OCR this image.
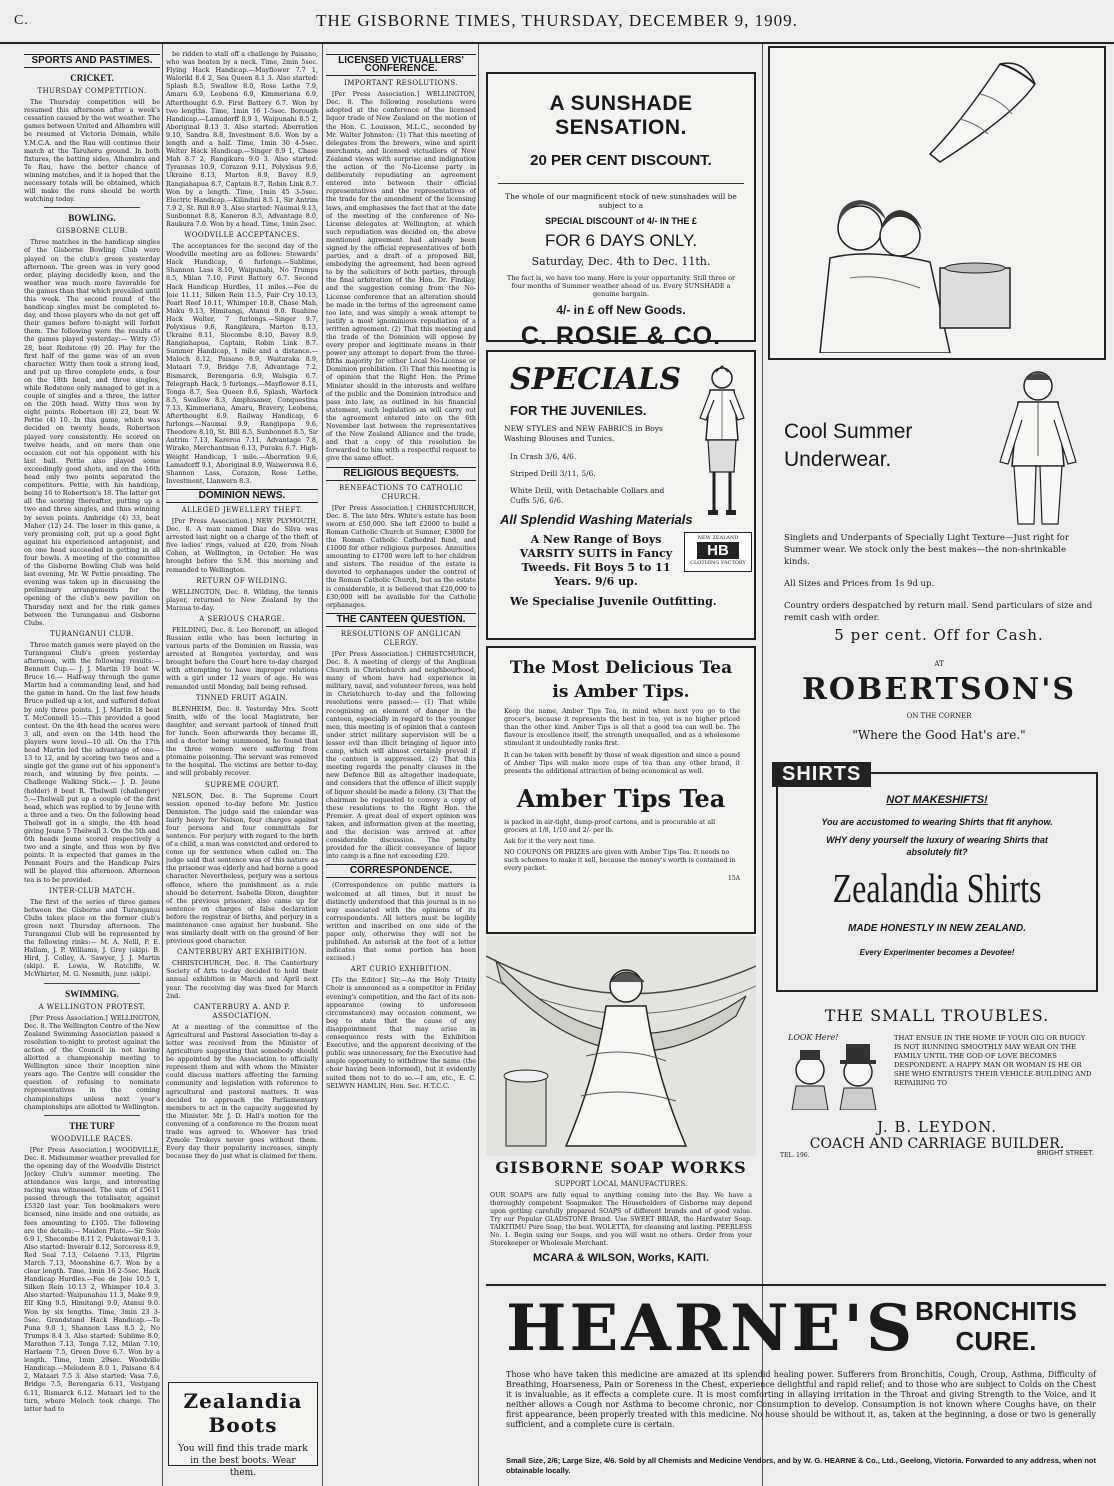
C.	THE GISBORNE TIMES, THURSDAY, DECEMBER 9, 1909.
SPORTS AND PASTIMES.
CRICKET.
THURSDAY COMPETITION.

The Thursday competition will be resumed this afternoon after a week's cessation caused by the wet weather. The games between United and Alhambra will be resumed at Victoria Domain, while Y.M.C.A. and the Rau will continue their match at the Taruheru ground. In both fixtures, the batting sides, Alhambra and Te Rau, have the better chance of winning matches, and it is hoped that the necessary totals will be obtained, which will make the runs should be worth watching today.

BOWLING.
GISBORNE CLUB.

Three matches in the handicap singles of the Gisborne Bowling Club were played on the club's green yesterday afternoon. The green was in very good order, playing decidedly keen, and the weather was much more favorable for the games than that which prevailed until this week. The second round of the handicap singles must be completed to-day, and those players who do not get off their games before to-night will forfeit them. The following were the results of the games played yesterday:— Witty (5) 28, beat Redstone (9) 20. Play for the first half of the game was of an even character. Witty then took a strong lead, and put up three complete ends, a four on the 18th head, and three singles, while Redstone only managed to get in a couple of singles and a three, the latter on the 20th head. Witty thus won by eight points. Robertson (8) 23, beat W. Pettie (4) 10. In this game, which was decided on twenty heads, Robertson played very consistently. He scored on twelve heads, and on more than one occasion cut out his opponent with his last ball. Pettie also played some exceedingly good shots, and on the 16th head only two points separated the competitors. Pettie, with his handicap, being 16 to Robertson's 18. The latter got all the scoring thereafter, putting up a two and three singles, and thus winning by seven points. Ambridge (4) 33, beat Maher (12) 24. The loser in this game, a very promising colt, put up a good fight against his experienced antagonist, and on one head succeeded in getting in all four bowls. A meeting of the committee of the Gisborne Bowling Club was held last evening, Mr. W. Pettie presiding. The evening was taken up in discussing the preliminary arrangements for the opening of the club's new pavilion on Thursday next and for the rink games between the Turanganui and Gisborne Clubs.

TURANGANUI CLUB.

Three match games were played on the Turanganui Club's green yesterday afternoon, with the following results:— Bennett Cup.— J. J. Martin 19 beat W. Bruce 16.— Half-way through the game Martin had a commanding lead, and had the game in hand. On the last few heads Bruce pulled up a lot, and suffered defeat by only three points. J. J. Martin 18 beat T. McConnell 15.—This provided a good contest. On the 4th head the scores were 3 all, and even on the 14th head the players were level—10 all. On the 17th head Martin led the advantage of one—13 to 12, and by scoring two twos and a single got the game out of his opponent's reach, and winning by five points. —Challenge Walking Stick.— J. D. Jeune (holder) 8 beat R. Thelwall (challenger) 5.—Thelwall put up a couple of the first head, which was replied to by Jeune with a three and a two. On the following head Thelwall got in a single, the 4th head giving Jeune 5 Thelwall 3. On the 5th and 6th heads Jeune scored respectively a two and a single, and thus won by five points. It is expected that games in the Pennant Fours and the Handicap Pairs will be played this afternoon. Afternoon tea is to be provided.

INTER-CLUB MATCH.

The first of the series of three games between the Gisborne and Turanganui Clubs takes place on the former club's green next Thursday afternoon. The Turanganui Club will be represented by the following rinks:— M. A. Nelll, P. E. Hallam, J. P. Williams, J. Grey (skip). B. Hird, J. Colley, A. Sawyer, J. J. Martin (skip). E. Lewis, W. Ratcliffe, W. McWhirter, M. G. Nesmith, junr. (skip).

SWIMMING.
A WELLINGTON PROTEST.

[Per Press Association.] WELLINGTON, Dec. 8. The Wellington Centre of the New Zealand Swimming Association passed a resolution to-night to protest against the action of the Council in not having allotted a championship meeting to Wellington since their inception nine years ago. The Centre will consider the question of refusing to nominate representatives in the coming championships unless next year's championships are allotted to Wellington.

THE TURF
WOODVILLE RACES.

[Per Press Association.] WOODVILLE, Dec. 8. Midsummer weather prevailed for the opening day of the Woodville District Jockey Club's summer meeting. The attendance was large, and interesting racing was witnessed. The sum of £5611 passed through the totalisator, against £5320 last year. Ten bookmakers were licensed, nine inside and one outside, as fees amounting to £105. The following are the details:— Maiden Plate.—Sir Solo 6.9 1, Shecombe 8.11 2, Puketawai 9.1 3. Also started: Inverair 8.12, Sorceress 8.9, Red Seal 7.13, Celaeno 7.13, Pilgrim March 7.13, Moonshine 6.7. Won by a clear length. Time, 1min 16 2-5sec. Hack Handicap Hurdles.—Fee de Joie 10.5 1, Silken Rein 10.13 2, Whimper 10.4 3. Also started: Waipunahau 11.3, Make 9.9, Elf King 9.5, Himitangi 9.0, Atanui 9.0. Won by six lengths. Time, 3min 23 3-5sec. Grandstand Hack Handicap.—Te Puna 9.0 1, Shannon Lass 8.5 2, No Trumps 8.4 3. Also started: Sublime 8.0, Marathon 7.13, Tonga 7.12, Milan 7.10, Harlaem 7.5, Green Dove 6.7. Won by a length. Time, 1min 29sec. Woodville Handicap.—Melodeon 8.0 1, Paisano 8.4 2, Mataari 7.5 3. Also started: Vasa 7.6, Bridge 7.5, Berengaria 6.11, Vestgang 6.11, Bismarck 6.12. Mataari led to the turn, where Meloch took charge. The latter had to

be ridden to stall off a challenge by Paisano, who was beaten by a neck. Time, 2min 5sec. Flying Hack Handicap.—Mayflower 7.7 1, Walorikl 8.4 2, Sea Queen 8.1 3. Also started: Splash 8.5, Swallow 8.0, Rose Lethe 7.9, Amaru 6.9, Leobena 6.9, Kimmeriana 6.9, Afterthought 6.9. First Battery 6.7. Won by two lengths. Time, 1min 16 1-5sec. Borough Handicap.—Lamadorff 8.9 1, Waipunahi 8.5 2, Aboriginal 8.13 3. Also started: Aberration 9.10, Sandra 8.8, Investment 8.6. Won by a length and a half. Time, 1min 30 4-5sec. Welter Hack Handicap.—Singer 8.9 1, Chase Mah 8.7 2, Rangikura 9.0 3. Also started: Tyrannas 10.9, Corazon 9.11, Polyxisus 9.6, Ukraine 8.13, Marton 8.9, Bavey 8.9, Rangiahapua 8.7, Captain 8.7, Robin Link 8.7. Won by a length. Time, 1min 45 3-5sec. Electric Handicap.—Kilindini 8.5 1, Sir Antrim 7.9 2, St. Bill 8.9 3. Also started: Naumai 9.13, Sunbonnet 8.8, Kaneron 8.5, Advantage 8.0, Raukura 7.0. Won by a head. Time, 1min 2sec.

WOODVILLE ACCEPTANCES.

The acceptances for the second day of the Woodville meeting are as follows: Stewards' Hack Handicap, 6 furlongs.—Sublime, Shannon Lass 8.10, Waipunahi, No Trumps 8.5, Milan 7.10, First Battery 6.7. Second Hack Handicap Hurdles, 11 miles.—Fee de Joie 11.11, Silken Rein 11.5, Fair Cry 10.13, Pearl Reef 10.11, Whimper 10.8, Chase Mah, Maku 9.13, Himitangi, Atanui 9.0. Ruahine Hack Welter, 7 furlongs.—Singer 9.7, Polyxisus 9.6, Rangikura, Marton 8.13, Ukraine 8.11, Slocombe 8.10, Bavey 8.9, Rangiahapua, Captain, Robin Link 8.7. Summer Handicap, 1 mile and a distance.—Maloch 8.12, Paisano 8.9, Waitaraka 8.9, Mataari 7.9, Bridge 7.8, Advantage 7.2, Bismarck, Berengaria 6.9, Walsgia 6.7. Telegraph Hack, 5 furlongs.—Mayflower 8.11, Tonga 8.7, Sea Queen 8.6, Splash, Warlock 8.5, Swallow 8.3, Amphisaner, Conquestina 7.13, Kimmeriana, Amaru, Bravery, Leobena, Afterthought 6.9. Railway Handicap, 6 furlongs.—Naumai 9.9, Rangipapa 9.6, Theodore 8.10, St. Bill 8.5, Sunbonnet 8.5, Sir Antrim 7.13, Kareroa 7.11, Advantage 7.8, Wirako, Merchantman 6.13, Puraku 6.7. High-Weight Handicap, 1 mile.—Aberration 9.6, Lamadorff 9.1, Aboriginal 8.9, Waiweruwa 8.6, Shannon Lass, Corazon, Rose Lethe, Investment, Llanwern 8.3.

DOMINION NEWS.
ALLEGED JEWELLERY THEFT.

[Per Press Association.] NEW PLYMOUTH, Dec. 8. A man named Diaz de Silva was arrested last night on a charge of the theft of five ladies' rings, valued at £20, from Noah Cohen, at Wellington, in October. He was brought before the S.M. this morning and remanded to Wellington.

RETURN OF WILDING.

WELLINGTON, Dec. 8. Wilding, the tennis player, returned to New Zealand by the Maraua to-day.

A SERIOUS CHARGE.

FEILDING, Dec. 8. Leo Borenoff, an alleged Russian exile who has been lecturing in various parts of the Dominion on Russia, was arrested at Rongotea yesterday, and was brought before the Court here to-day charged with attempting to have improper relations with a girl under 12 years of age. He was remanded until Monday, bail being refused.

TINNED FRUIT AGAIN.

BLENHEIM, Dec. 8. Yesterday Mrs. Scott Smith, wife of the local Magistrate, her daughter, and servant partook of tinned fruit for lunch. Soon afterwards they became ill, and a doctor being summoned, he found that the three women were suffering from ptomaine poisoning. The servant was removed to the hospital. The victims are better to-day, and will probably recover.

SUPREME COURT.

NELSON, Dec. 8. The Supreme Court session opened to-day before Mr. Justice Denniston. The judge said the calendar was fairly heavy for Nelson, four charges against four persons and four committals for sentence. For perjury with regard to the birth of a child, a man was convicted and ordered to come up for sentence when called on. The judge said that sentence was of this nature as the prisoner was elderly and had borne a good character. Nevertheless, perjury was a serious offence, where the punishment as a rule should be deterrent. Isabella Dixon, daughter of the previous prisoner, also came up for sentence on charges of false declaration before the registrar of births, and perjury in a maintenance case against her husband. She was similarly dealt with on the ground of her previous good character.

CANTERBURY ART EXHIBITION.

CHRISTCHURCH, Dec. 8. The Canterbury Society of Arts to-day decided to hold their annual exhibition in March and April next year. The receiving day was fixed for March 2nd.

CANTERBURY A. AND P. ASSOCIATION.

At a meeting of the committee of the Agricultural and Pastoral Association to-day a letter was received from the Minister of Agriculture suggesting that somebody should be appointed by the Association to officially represent them and with whom the Minister could discuss matters affecting the farming community and legislation with reference to agricultural and pastoral matters. It was decided to approach the Parliamentary members to act in the capacity suggested by the Minister. Mr. J. D. Hall's motion for the convening of a conference re the frozen meat trade was agreed to. Whoever has tried Zymole Trokeys never goes without them. Every day their popularity increases, simply because they do just what is claimed for them.

Zealandia Boots
You will find this trade mark in the best boots. Wear them.
LICENSED VICTUALLERS' CONFERENCE.
IMPORTANT RESOLUTIONS.

[Per Press Association.] WELLINGTON, Dec. 8. The following resolutions were adopted at the conference of the licensed liquor trade of New Zealand on the motion of the Hon. C. Louisson, M.L.C., seconded by Mr. Walter Johnston: (1) That this meeting of delegates from the brewers, wine and spirit merchants, and licensed victuallers of New Zealand views with surprise and indignation the action of the No-License party in deliberately repudiating an agreement entered into between their official representatives and the representatives of the trade for the amendment of the licensing laws, and emphasises the fact that at the date of the meeting of the conference of No-License delegates at Wellington, at which such repudiation was decided on, the above mentioned agreement had already been signed by the official representatives of both parties, and a draft of a proposed Bill, embodying the agreement, had been agreed to by the solicitors of both parties, through the final arbitration of the Hon. Dr. Findlay, and the suggestion coming from the No-License conference that an alteration should be made in the terms of the agreement came too late, and was simply a weak attempt to justify a most ignominious repudiation of a written agreement. (2) That this meeting and the trade of the Dominion will oppose by every proper and legitimate means in their power any attempt to depart from the three-fifths majority for either Local No-License or Dominion prohibition. (3) That this meeting is of opinion that the Right Hon. the Prime Minister should in the interests and welfare of the public and the Dominion introduce and pass into law, as outlined in his financial statement, such legislation as will carry out the agreement entered into on the 6th November last between the representatives of the New Zealand Alliance and the trade, and that a copy of this resolution be forwarded to him with a respectful request to give the same effect.

RELIGIOUS BEQUESTS.
BENEFACTIONS TO CATHOLIC CHURCH.

[Per Press Association.] CHRISTCHURCH, Dec. 8. The late Mrs. White's estate has been sworn at £50,000. She left £2000 to build a Roman Catholic Church at Sumner, £3000 for the Roman Catholic Cathedral fund, and £1000 for other religious purposes. Annuities amounting to £1700 were left to her children and sisters. The residue of the estate is devoted to orphanages under the control of the Roman Catholic Church, but as the estate is considerable, it is believed that £20,000 to £30,000 will be available for the Catholic orphanages.

THE CANTEEN QUESTION.
RESOLUTIONS OF ANGLICAN CLERGY.

[Per Press Association.] CHRISTCHURCH, Dec. 8. A meeting of clergy of the Anglican Church in Christchurch and neighbourhood, many of whom have had experience in military, naval, and volunteer forces, was held in Christchurch to-day and the following resolutions were passed:— (1) That while recognising an element of danger in the canteen, especially in regard to the younger men, this meeting is of opinion that a canteen under strict military supervision will be a lesser evil than illicit bringing of liquor into camp, which will almost certainly prevail if the canteen is suppressed. (2) That this meeting regards the penalty clauses in the new Defence Bill as altogether inadequate, and considers that the offence of illicit supply of liquor should be made a felony. (3) That the chairman be requested to convey a copy of these resolutions to the Right Hon. the Premier. A great deal of expert opinion was taken, and information given at the meeting, and the decision was arrived at after considerable discussion. The penalty provided for the illicit conveyance of liquor into camp is a fine not exceeding £20.

CORRESPONDENCE.

(Correspondence on public matters is welcomed at all times, but it must be distinctly understood that this journal is in no way associated with the opinions of its correspondents. All letters must be legibly written and inscribed on one side of the paper only, otherwise they will not be published. An asterisk at the foot of a letter indicates that some portion has been excised.)

ART CURIO EXHIBITION.

[To the Editor.] Sir,—As the Holy Trinity Choir is announced as a competitor in Friday evening's competition, and the fact of its non-appearance (owing to unforeseen circumstances) may occasion comment, we beg to state that the cause of any disappointment that may arise in consequence rests with the Exhibition Executive, and the apparent deceiving of the public was unnecessary, for the Executive had ample opportunity to withdraw the name (the choir having been informed), but it evidently suited them not to do so.—I am, etc., E. C. SELWYN HAMLIN, Hon. Sec. H.T.C.C.

A SUNSHADE SENSATION.
20 PER CENT DISCOUNT.
The whole of our magnificent stock of new sunshades will be subject to a
SPECIAL DISCOUNT of 4/- IN THE £
FOR 6 DAYS ONLY.
Saturday, Dec. 4th to Dec. 11th.
The fact is, we have too many. Here is your opportunity. Still three or four months of Summer weather ahead of us. Every SUNSHADE a genuine bargain.
4/- in £ off New Goods.
C. ROSIE & CO.
SPECIALS
FOR THE JUVENILES.
NEW STYLES and NEW FABRICS in Boys Washing Blouses and Tunics.
In Crash 3/6, 4/6.
Striped Drill 3/11, 5/6.
White Drill, with Detachable Collars and Cuffs 5/6, 6/6.
All Splendid Washing Materials
A New Range of Boys VARSITY SUITS in Fancy Tweeds. Fit Boys 5 to 11 Years. 9/6 up.
We Specialise Juvenile Outfitting.
NEW ZEALAND
HB
CLOTHING FACTORY
The Most Delicious Tea
is Amber Tips.
Keep the name, Amber Tips Tea, in mind when next you go to the grocer's, because it represents the best in tea, yet is no higher priced than the other kind. Amber Tips is all that a good tea can well be. The flavour is excellence itself, the strength unequalled, and as a wholesome stimulant it undoubtedly ranks first.
It can be taken with benefit by those of weak digestion and since a pound of Amber Tips will make more cups of tea than any other brand, it presents the additional attraction of being economical as well.
Amber Tips Tea
is packed in air-tight, damp-proof cartons, and is procurable at all grocers at 1/8, 1/10 and 2/- per lb.
Ask for it the very next time.
NO COUPONS OR PRIZES are given with Amber Tips Tea. It needs no such schemes to make it sell, because the money's worth is contained in every packet.
15A
GISBORNE SOAP WORKS
SUPPORT LOCAL MANUFACTURES.
OUR SOAPS are fully equal to anything coming into the Bay. We have a thoroughly competent Soapmaker. The Householders of Gisborne may depend upon getting carefully prepared SOAPS of different brands and of good value. Try our Popular GLADSTONE Brand. Use SWEET BRIAR, the Hardwater Soap. TAIKITIMU Pure Soap, the best. WOLETTA, for cleansing and lasting. PEERLESS No. 1. Begin using our Soaps, and you will want no others. Order from your Storekeeper or Wholesale Merchant.
MCARA & WILSON, Works, KAITI.
Cool Summer
Underwear.
Singlets and Underpants of Specially Light Texture—Just right for Summer wear. We stock only the best makes—the non-shrinkable kinds.
All Sizes and Prices from 1s 9d up.
Country orders despatched by return mail. Send particulars of size and remit cash with order.
5 per cent. Off for Cash.
AT
ROBERTSON'S
ON THE CORNER
"Where the Good Hat's are."
SHIRTS
NOT MAKESHIFTS!
You are accustomed to wearing Shirts that fit anyhow.
WHY deny yourself the luxury of wearing Shirts that absolutely fit?
Zealandia Shirts
MADE HONESTLY IN NEW ZEALAND.
Every Experimenter becomes a Devotee!
THE SMALL TROUBLES.
LOOK Here!	THAT ENSUE IN THE HOME IF YOUR GIG OR BUGGY IS NOT RUNNING SMOOTHLY MAY WEAR ON THE FAMILY UNTIL THE GOD OF LOVE BECOMES DESPONDENT. A HAPPY MAN OR WOMAN IS HE OR SHE WHO ENTRUSTS THEIR VEHICLE-BUILDING AND REPAIRING TO
J. B. LEYDON.
COACH AND CARRIAGE BUILDER.
TEL. 196.	BRIGHT STREET.
HEARNE'S BRONCHITIS
CURE.
Those who have taken this medicine are amazed at its splendid healing power. Sufferers from Bronchitis, Cough, Croup, Asthma, Difficulty of Breathing, Hoarseness, Pain or Soreness in the Chest, experience delightful and rapid relief; and to those who are subject to Colds on the Chest it is invaluable, as it effects a complete cure. It is most comforting in allaying irritation in the Throat and giving Strength to the Voice, and it neither allows a Cough nor Asthma to become chronic, nor Consumption to develop. Consumption is not known where Coughs have, on their first appearance, been properly treated with this medicine. No house should be without it, as, taken at the beginning, a dose or two is generally sufficient, and a complete cure is certain.
Small Size, 2/6; Large Size, 4/6. Sold by all Chemists and Medicine Vendors, and by W. G. HEARNE & Co., Ltd., Geelong, Victoria. Forwarded to any address, when not obtainable locally.
